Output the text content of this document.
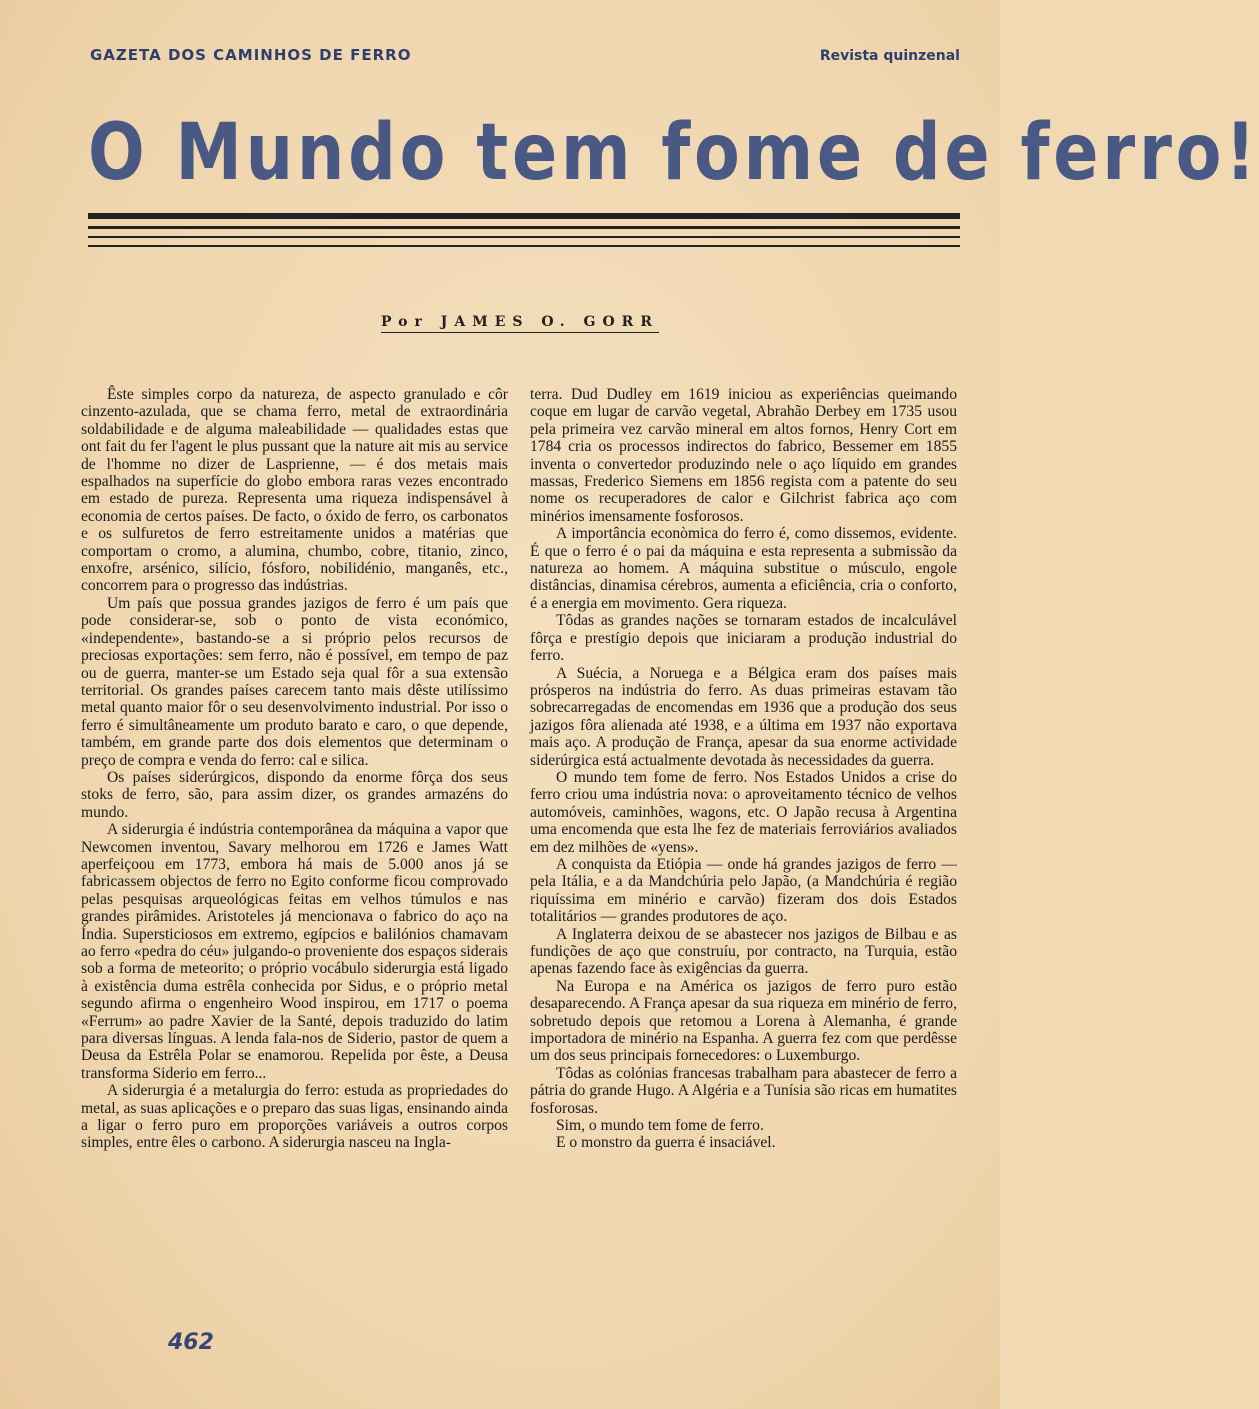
GAZETA DOS CAMINHOS DE FERRO	Revista quinzenal
O Mundo tem fome de ferro!
Por JAMES O. GORR

Êste simples corpo da natureza, de aspecto granulado e côr cinzento-azulada, que se chama ferro, metal de extraordinária soldabilidade e de alguma maleabilidade — qualidades estas que ont fait du fer l'agent le plus pussant que la nature ait mis au service de l'homme no dizer de Lasprienne, — é dos metais mais espalhados na superfície do globo embora raras vezes encontrado em estado de pureza. Representa uma riqueza indispensável à economia de certos países. De facto, o óxido de ferro, os carbonatos e os sulfuretos de ferro estreitamente unidos a matérias que comportam o cromo, a alumina, chumbo, cobre, titanio, zinco, enxofre, arsénico, silício, fósforo, nobilidénio, manganês, etc., concorrem para o progresso das indústrias.

Um país que possua grandes jazigos de ferro é um país que pode considerar-se, sob o ponto de vista económico, «independente», bastando-se a si próprio pelos recursos de preciosas exportações: sem ferro, não é possível, em tempo de paz ou de guerra, manter-se um Estado seja qual fôr a sua extensão territorial. Os grandes países carecem tanto mais dêste utilíssimo metal quanto maior fôr o seu desenvolvimento industrial. Por isso o ferro é simultâneamente um produto barato e caro, o que depende, também, em grande parte dos dois elementos que determinam o preço de compra e venda do ferro: cal e silica.

Os países siderúrgicos, dispondo da enorme fôrça dos seus stoks de ferro, são, para assim dizer, os grandes armazéns do mundo.

A siderurgia é indústria contemporânea da máquina a vapor que Newcomen inventou, Savary melhorou em 1726 e James Watt aperfeiçoou em 1773, embora há mais de 5.000 anos já se fabricassem objectos de ferro no Egito conforme ficou comprovado pelas pesquisas arqueológicas feitas em velhos túmulos e nas grandes pirâmides. Aristoteles já mencionava o fabrico do aço na Índia. Supersticiosos em extremo, egípcios e balilónios chamavam ao ferro «pedra do céu» julgando-o proveniente dos espaços siderais sob a forma de meteorito; o próprio vocábulo siderurgia está ligado à existência duma estrêla conhecida por Sidus, e o próprio metal segundo afirma o engenheiro Wood inspirou, em 1717 o poema «Ferrum» ao padre Xavier de la Santé, depois traduzido do latim para diversas línguas. A lenda fala-nos de Siderio, pastor de quem a Deusa da Estrêla Polar se enamorou. Repelida por êste, a Deusa transforma Siderio em ferro...

A siderurgia é a metalurgia do ferro: estuda as propriedades do metal, as suas aplicações e o preparo das suas ligas, ensinando ainda a ligar o ferro puro em proporções variáveis a outros corpos simples, entre êles o carbono. A siderurgia nasceu na Ingla-

terra. Dud Dudley em 1619 iniciou as experiências queimando coque em lugar de carvão vegetal, Abrahão Derbey em 1735 usou pela primeira vez carvão mineral em altos fornos, Henry Cort em 1784 cria os processos indirectos do fabrico, Bessemer em 1855 inventa o convertedor produzindo nele o aço líquido em grandes massas, Frederico Siemens em 1856 regista com a patente do seu nome os recuperadores de calor e Gilchrist fabrica aço com minérios imensamente fosforosos.

A importância econòmica do ferro é, como dissemos, evidente. É que o ferro é o pai da máquina e esta representa a submissão da natureza ao homem. A máquina substitue o músculo, engole distâncias, dinamisa cérebros, aumenta a eficiência, cria o conforto, é a energia em movimento. Gera riqueza.

Tôdas as grandes nações se tornaram estados de incalculável fôrça e prestígio depois que iniciaram a produção industrial do ferro.

A Suécia, a Noruega e a Bélgica eram dos países mais prósperos na indústria do ferro. As duas primeiras estavam tão sobrecarregadas de encomendas em 1936 que a produção dos seus jazigos fôra alienada até 1938, e a última em 1937 não exportava mais aço. A produção de França, apesar da sua enorme actividade siderúrgica está actualmente devotada às necessidades da guerra.

O mundo tem fome de ferro. Nos Estados Unidos a crise do ferro criou uma indústria nova: o aproveitamento técnico de velhos automóveis, caminhões, wagons, etc. O Japão recusa à Argentina uma encomenda que esta lhe fez de materiais ferroviários avaliados em dez milhões de «yens».

A conquista da Etiópia — onde há grandes jazigos de ferro — pela Itália, e a da Mandchúria pelo Japão, (a Mandchúria é região riquíssima em minério e carvão) fizeram dos dois Estados totalitários — grandes produtores de aço.

A Inglaterra deixou de se abastecer nos jazigos de Bilbau e as fundições de aço que construíu, por contracto, na Turquia, estão apenas fazendo face às exigências da guerra.

Na Europa e na América os jazigos de ferro puro estão desaparecendo. A França apesar da sua riqueza em minério de ferro, sobretudo depois que retomou a Lorena à Alemanha, é grande importadora de minério na Espanha. A guerra fez com que perdêsse um dos seus principais fornecedores: o Luxemburgo.

Tôdas as colónias francesas trabalham para abastecer de ferro a pátria do grande Hugo. A Algéria e a Tunísia são ricas em humatites fosforosas.

Sim, o mundo tem fome de ferro.

E o monstro da guerra é insaciável.

462
